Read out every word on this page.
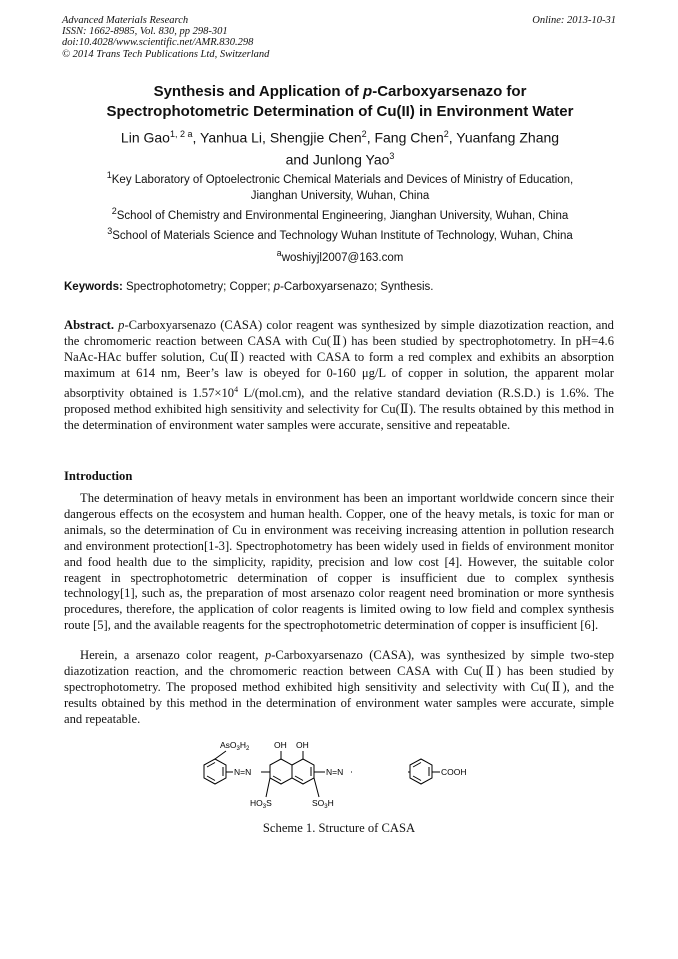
Advanced Materials Research
ISSN: 1662-8985, Vol. 830, pp 298-301
doi:10.4028/www.scientific.net/AMR.830.298
© 2014 Trans Tech Publications Ltd, Switzerland
Online: 2013-10-31
Synthesis and Application of p-Carboxyarsenazo for
Spectrophotometric Determination of Cu(II) in Environment Water
Lin Gao$^{1, 2 a}$, Yanhua Li, Shengjie Chen$^2$, Fang Chen$^2$, Yuanfang Zhang
and Junlong Yao$^3$
$^1$Key Laboratory of Optoelectronic Chemical Materials and Devices of Ministry of Education,
Jianghan University, Wuhan, China
$^2$School of Chemistry and Environmental Engineering, Jianghan University, Wuhan, China
$^3$School of Materials Science and Technology Wuhan Institute of Technology, Wuhan, China
$^a$woshiyjl2007@163.com
Keywords: Spectrophotometry; Copper; p-Carboxyarsenazo; Synthesis.
Abstract. p-Carboxyarsenazo (CASA) color reagent was synthesized by simple diazotization reaction, and the chromomeric reaction between CASA with Cu(Ⅱ) has been studied by spectrophotometry. In pH=4.6 NaAc-HAc buffer solution, Cu(Ⅱ) reacted with CASA to form a red complex and exhibits an absorption maximum at 614 nm, Beer’s law is obeyed for 0-160 μg/L of copper in solution, the apparent molar absorptivity obtained is $1.57\times 10^4$ L/(mol.cm), and the relative standard deviation (R.S.D.) is 1.6%. The proposed method exhibited high sensitivity and selectivity for Cu(Ⅱ). The results obtained by this method in the determination of environment water samples were accurate, sensitive and repeatable.
Introduction

The determination of heavy metals in environment has been an important worldwide concern since their dangerous effects on the ecosystem and human health. Copper, one of the heavy metals, is toxic for man or animals, so the determination of Cu in environment was receiving increasing attention in pollution research and environment protection[1-3]. Spectrophotometry has been widely used in fields of environment monitor and food health due to the simplicity, rapidity, precision and low cost [4]. However, the suitable color reagent in spectrophotometric determination of copper is insufficient due to complex synthesis technology[1], such as, the preparation of most arsenazo color reagent need bromination or more synthesis procedures, therefore, the application of color reagents is limited owing to low field and complex synthesis route [5], and the available reagents for the spectrophotometric determination of copper is insufficient [6].

Herein, a arsenazo color reagent, p-Carboxyarsenazo (CASA), was synthesized by simple two-step diazotization reaction, and the chromomeric reaction between CASA with Cu(Ⅱ) has been studied by spectrophotometry. The proposed method exhibited high sensitivity and selectivity with Cu(Ⅱ), and the results obtained by this method in the determination of environment water samples were accurate, simple and repeatable.

$AsO_3H_2$
N=N
OH OH
N=N
$HO_3S$	$SO_3H$
COOH
Scheme 1. Structure of CASA
